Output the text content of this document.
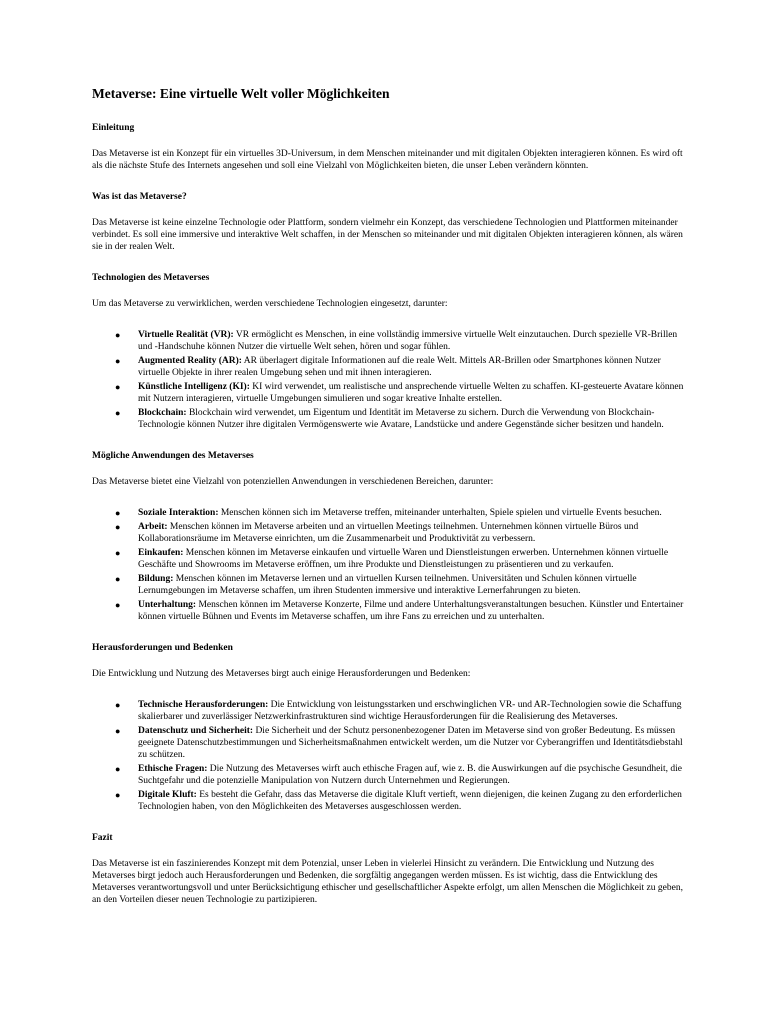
Metaverse: Eine virtuelle Welt voller Möglichkeiten
Einleitung

Das Metaverse ist ein Konzept für ein virtuelles 3D-Universum, in dem Menschen miteinander und mit digitalen Objekten interagieren können. Es wird oft als die nächste Stufe des Internets angesehen und soll eine Vielzahl von Möglichkeiten bieten, die unser Leben verändern könnten.

Was ist das Metaverse?

Das Metaverse ist keine einzelne Technologie oder Plattform, sondern vielmehr ein Konzept, das verschiedene Technologien und Plattformen miteinander verbindet. Es soll eine immersive und interaktive Welt schaffen, in der Menschen so miteinander und mit digitalen Objekten interagieren können, als wären sie in der realen Welt.

Technologien des Metaverses

Um das Metaverse zu verwirklichen, werden verschiedene Technologien eingesetzt, darunter:

● Virtuelle Realität (VR): VR ermöglicht es Menschen, in eine vollständig immersive virtuelle Welt einzutauchen. Durch spezielle VR-Brillen und -Handschuhe können Nutzer die virtuelle Welt sehen, hören und sogar fühlen.
● Augmented Reality (AR): AR überlagert digitale Informationen auf die reale Welt. Mittels AR-Brillen oder Smartphones können Nutzer virtuelle Objekte in ihrer realen Umgebung sehen und mit ihnen interagieren.
● Künstliche Intelligenz (KI): KI wird verwendet, um realistische und ansprechende virtuelle Welten zu schaffen. KI-gesteuerte Avatare können mit Nutzern interagieren, virtuelle Umgebungen simulieren und sogar kreative Inhalte erstellen.
● Blockchain: Blockchain wird verwendet, um Eigentum und Identität im Metaverse zu sichern. Durch die Verwendung von Blockchain-Technologie können Nutzer ihre digitalen Vermögenswerte wie Avatare, Landstücke und andere Gegenstände sicher besitzen und handeln.
Mögliche Anwendungen des Metaverses

Das Metaverse bietet eine Vielzahl von potenziellen Anwendungen in verschiedenen Bereichen, darunter:

● Soziale Interaktion: Menschen können sich im Metaverse treffen, miteinander unterhalten, Spiele spielen und virtuelle Events besuchen.
● Arbeit: Menschen können im Metaverse arbeiten und an virtuellen Meetings teilnehmen. Unternehmen können virtuelle Büros und Kollaborationsräume im Metaverse einrichten, um die Zusammenarbeit und Produktivität zu verbessern.
● Einkaufen: Menschen können im Metaverse einkaufen und virtuelle Waren und Dienstleistungen erwerben. Unternehmen können virtuelle Geschäfte und Showrooms im Metaverse eröffnen, um ihre Produkte und Dienstleistungen zu präsentieren und zu verkaufen.
● Bildung: Menschen können im Metaverse lernen und an virtuellen Kursen teilnehmen. Universitäten und Schulen können virtuelle Lernumgebungen im Metaverse schaffen, um ihren Studenten immersive und interaktive Lernerfahrungen zu bieten.
● Unterhaltung: Menschen können im Metaverse Konzerte, Filme und andere Unterhaltungsveranstaltungen besuchen. Künstler und Entertainer können virtuelle Bühnen und Events im Metaverse schaffen, um ihre Fans zu erreichen und zu unterhalten.
Herausforderungen und Bedenken

Die Entwicklung und Nutzung des Metaverses birgt auch einige Herausforderungen und Bedenken:

● Technische Herausforderungen: Die Entwicklung von leistungsstarken und erschwinglichen VR- und AR-Technologien sowie die Schaffung skalierbarer und zuverlässiger Netzwerkinfrastrukturen sind wichtige Herausforderungen für die Realisierung des Metaverses.
● Datenschutz und Sicherheit: Die Sicherheit und der Schutz personenbezogener Daten im Metaverse sind von großer Bedeutung. Es müssen geeignete Datenschutzbestimmungen und Sicherheitsmaßnahmen entwickelt werden, um die Nutzer vor Cyberangriffen und Identitätsdiebstahl zu schützen.
● Ethische Fragen: Die Nutzung des Metaverses wirft auch ethische Fragen auf, wie z. B. die Auswirkungen auf die psychische Gesundheit, die Suchtgefahr und die potenzielle Manipulation von Nutzern durch Unternehmen und Regierungen.
● Digitale Kluft: Es besteht die Gefahr, dass das Metaverse die digitale Kluft vertieft, wenn diejenigen, die keinen Zugang zu den erforderlichen Technologien haben, von den Möglichkeiten des Metaverses ausgeschlossen werden.
Fazit

Das Metaverse ist ein faszinierendes Konzept mit dem Potenzial, unser Leben in vielerlei Hinsicht zu verändern. Die Entwicklung und Nutzung des Metaverses birgt jedoch auch Herausforderungen und Bedenken, die sorgfältig angegangen werden müssen. Es ist wichtig, dass die Entwicklung des Metaverses verantwortungsvoll und unter Berücksichtigung ethischer und gesellschaftlicher Aspekte erfolgt, um allen Menschen die Möglichkeit zu geben, an den Vorteilen dieser neuen Technologie zu partizipieren.
